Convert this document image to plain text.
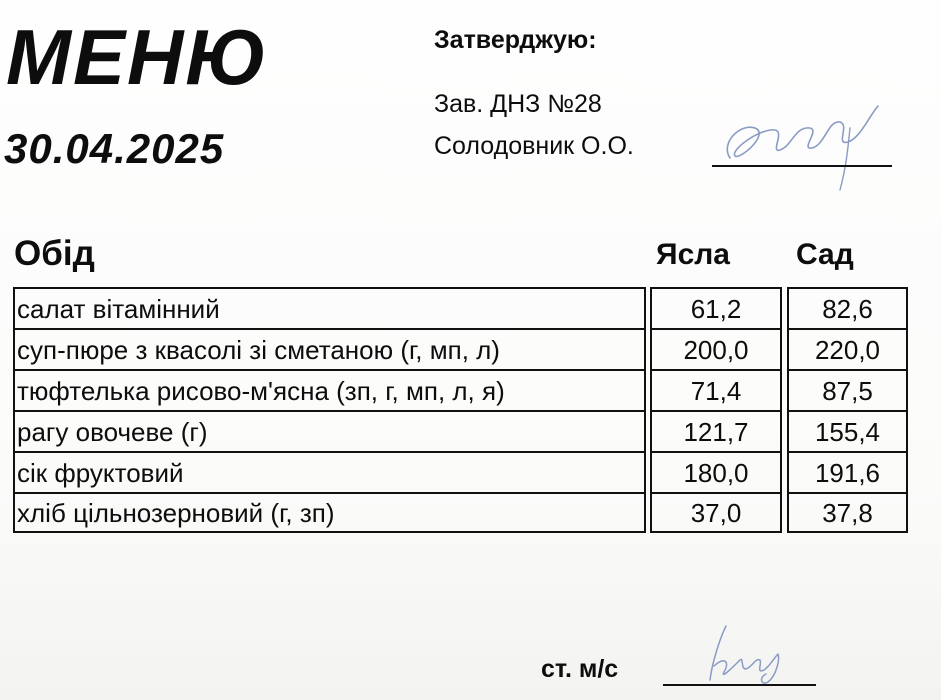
МЕНЮ
30.04.2025
Затверджую:
Зав. ДНЗ №28
Солодовник О.О.
Обід	Ясла Сад
салат вітамінний		61,2		82,6
суп-пюре з квасолі зі сметаною (г, мп, л)		200,0		220,0
тюфтелька рисово-м'ясна (зп, г, мп, л, я)		71,4		87,5
рагу овочеве (г)		121,7		155,4
сік фруктовий		180,0		191,6
хліб цільнозерновий (г, зп)		37,0		37,8
ст. м/с
